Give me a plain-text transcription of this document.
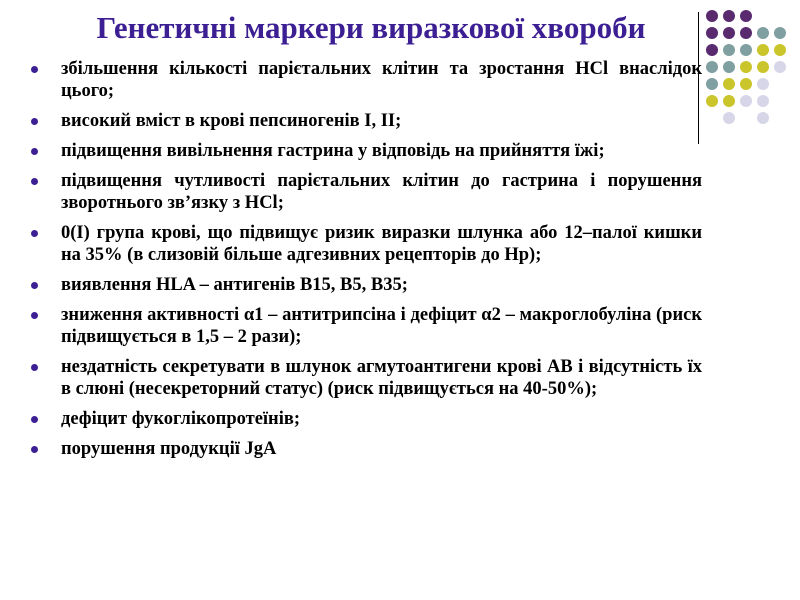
Генетичні маркери виразкової хвороби
збільшення кількості парієтальних клітин та зростання HCl внаслідок цього;
високий вміст в крові пепсиногенів І, ІІ;
підвищення вивільнення гастрина у відповідь на прийняття їжі;
підвищення чутливості парієтальних клітин до гастрина і порушення зворотнього зв’язку з HCl;
0(І) група крові, що підвищує ризик виразки шлунка або 12–палої кишки на 35% (в слизовій більше адгезивних рецепторів до Нр);
виявлення HLA – антигенів В15, В5, В35;
зниження активності α1 – антитрипсіна і дефіцит α2 – макроглобуліна (риск підвищується в 1,5 – 2 рази);
нездатність секретувати в шлунок агмутоантигени крові АВ і відсутність їх в слюні (несекреторний статус) (риск підвищується на 40-50%);
дефіцит фукоглікопротеїнів;
порушення продукції JgА
